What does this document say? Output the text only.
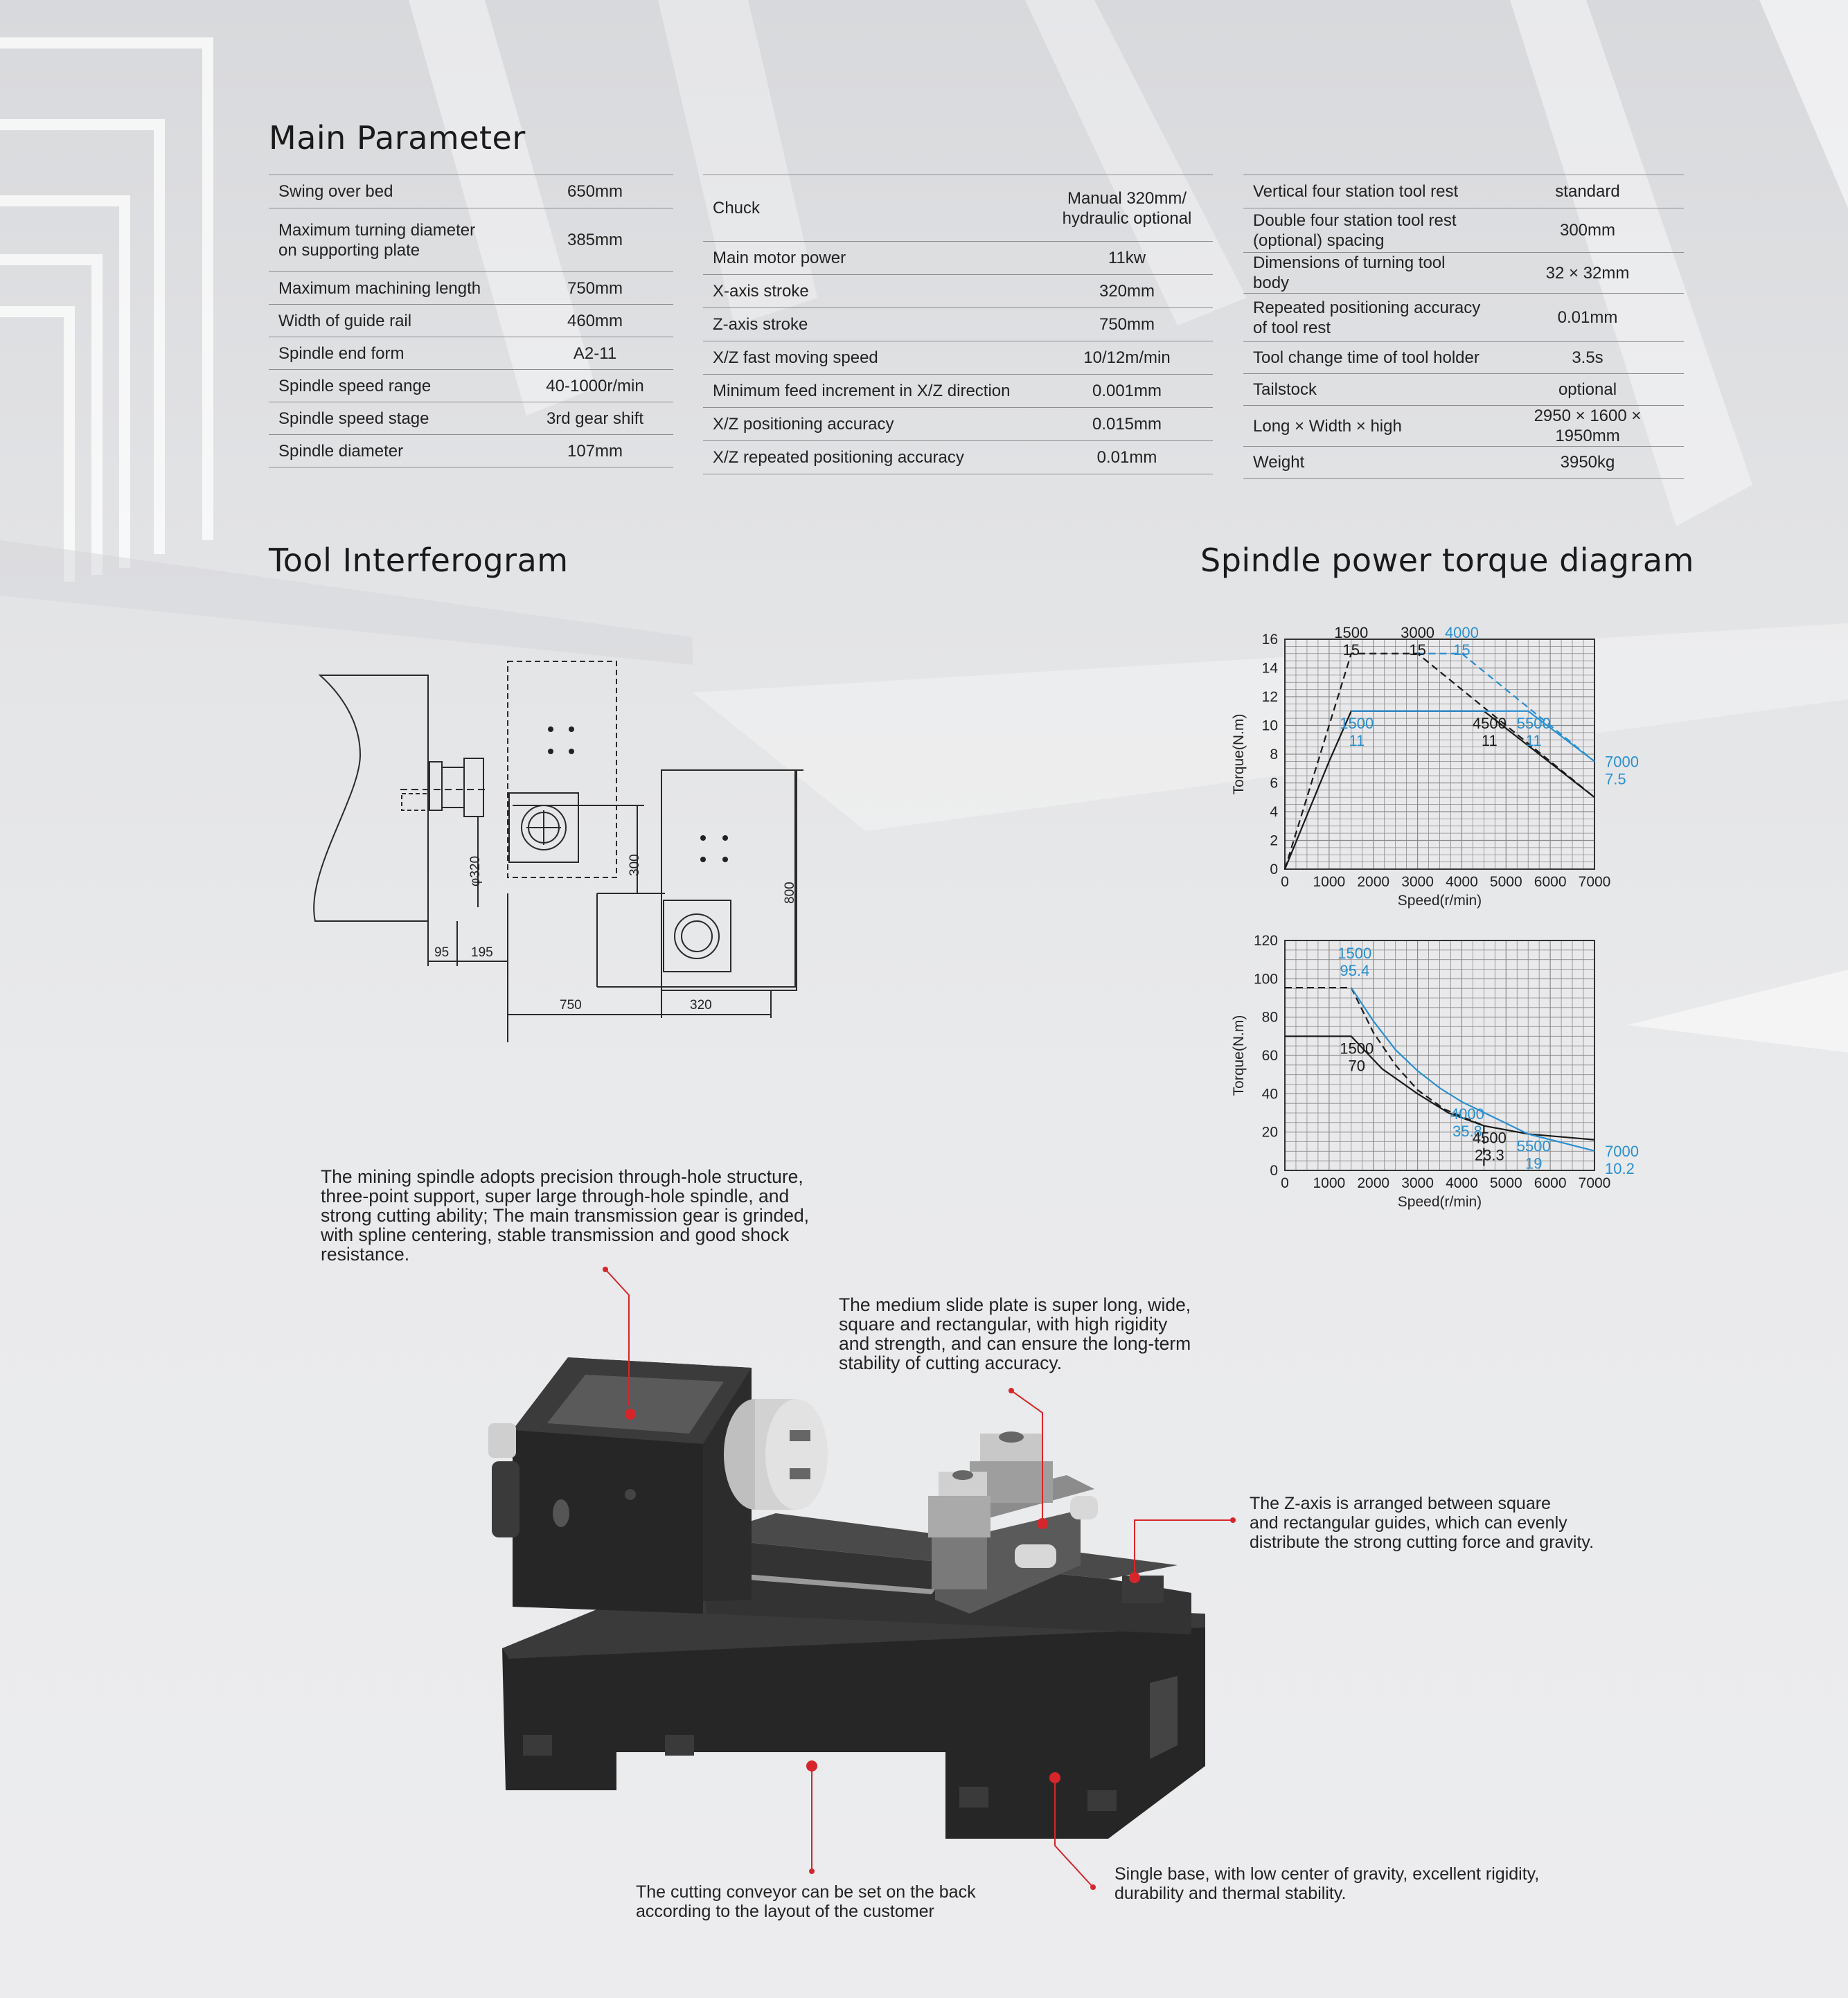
Main Parameter
Swing over bed	650mm
Maximum turning diameter
on supporting plate	385mm
Maximum machining length	750mm
Width of guide rail	460mm
Spindle end form	A2-11
Spindle speed range	40-1000r/min
Spindle speed stage	3rd gear shift
Spindle diameter	107mm
Chuck	Manual 320mm/
hydraulic optional
Main motor power	11kw
X-axis stroke	320mm
Z-axis stroke	750mm
X/Z fast moving speed	10/12m/min
Minimum feed increment in X/Z direction	0.001mm
X/Z positioning accuracy	0.015mm
X/Z repeated positioning accuracy	0.01mm
Vertical four station tool rest	standard
Double four station tool rest
(optional) spacing	300mm
Dimensions of turning tool body	32 × 32mm
Repeated positioning accuracy
of tool rest	0.01mm
Tool change time of tool holder	3.5s
Tailstock	optional
Long × Width × high	2950 × 1600 × 1950mm
Weight	3950kg
Tool Interferogram	Spindle power torque diagram
95 195
750	320
300
800
φ320	0 1000 2000 3000 4000 5000 6000 7000
0
2
4
6
8
10
12
14
16
Speed(r/min)
Torque(N.m)
1500
15
3000
15
4000
15
1500
11
4500
11
5500
11
7000
7.5
0 1000 2000 3000 4000 5000 6000 7000
0
20
40
60
80
100
120
Speed(r/min)
Torque(N.m)
1500
95.4
1500
70
4000
35.8
5500
19
4500
23.3	7000
10.2
The mining spindle adopts precision through-hole structure,
three-point support, super large through-hole spindle, and
strong cutting ability; The main transmission gear is grinded,
with spline centering, stable transmission and good shock
resistance.
The medium slide plate is super long, wide,
square and rectangular, with high rigidity
and strength, and can ensure the long-term
stability of cutting accuracy.
The Z-axis is arranged between square
and rectangular guides, which can evenly
distribute the strong cutting force and gravity.
The cutting conveyor can be set on the back
according to the layout of the customer
Single base, with low center of gravity, excellent rigidity,
durability and thermal stability.
